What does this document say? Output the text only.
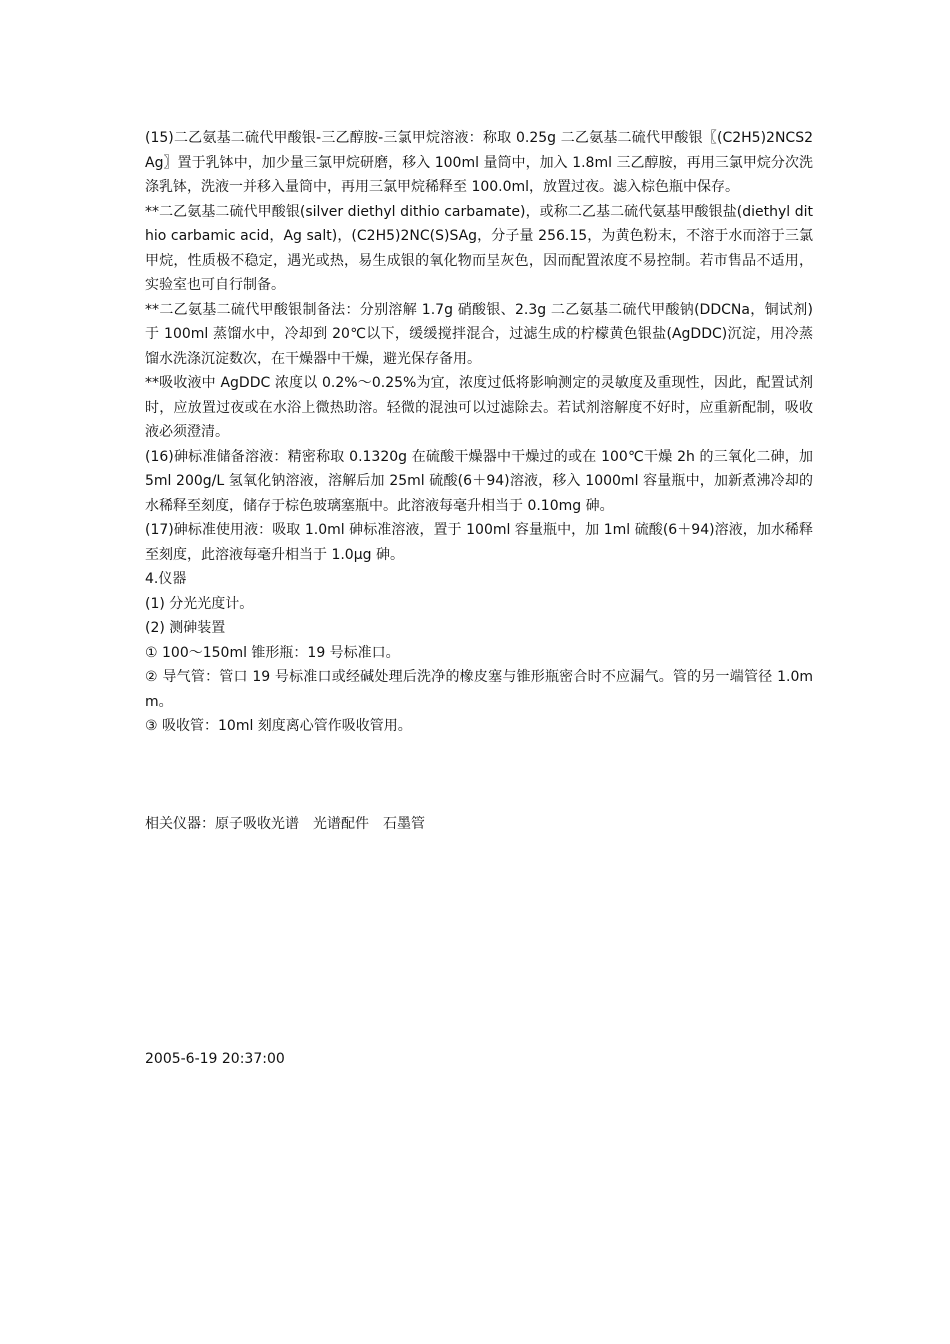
(15)二乙氨基二硫代甲酸银-三乙醇胺-三氯甲烷溶液：称取 0.25g 二乙氨基二硫代甲酸银〖(C2H5)2NCS2Ag〗置于乳钵中，加少量三氯甲烷研磨，移入 100ml 量筒中，加入 1.8ml 三乙醇胺，再用三氯甲烷分次洗涤乳钵，洗液一并移入量筒中，再用三氯甲烷稀释至 100.0ml，放置过夜。滤入棕色瓶中保存。

**二乙氨基二硫代甲酸银(silver diethyl dithio carbamate)，或称二乙基二硫代氨基甲酸银盐(diethyl dithio carbamic acid，Ag salt)，(C2H5)2NC(S)SAg，分子量 256.15，为黄色粉末，不溶于水而溶于三氯甲烷，性质极不稳定，遇光或热，易生成银的氧化物而呈灰色，因而配置浓度不易控制。若市售品不适用，实验室也可自行制备。

**二乙氨基二硫代甲酸银制备法：分别溶解 1.7g 硝酸银、2.3g 二乙氨基二硫代甲酸钠(DDCNa，铜试剂)于 100ml 蒸馏水中，冷却到 20℃以下，缓缓搅拌混合，过滤生成的柠檬黄色银盐(AgDDC)沉淀，用冷蒸馏水洗涤沉淀数次，在干燥器中干燥，避光保存备用。

**吸收液中 AgDDC 浓度以 0.2%～0.25%为宜，浓度过低将影响测定的灵敏度及重现性，因此，配置试剂时，应放置过夜或在水浴上微热助溶。轻微的混浊可以过滤除去。若试剂溶解度不好时，应重新配制，吸收液必须澄清。

(16)砷标准储备溶液：精密称取 0.1320g 在硫酸干燥器中干燥过的或在 100℃干燥 2h 的三氧化二砷，加 5ml 200g/L 氢氧化钠溶液，溶解后加 25ml 硫酸(6＋94)溶液，移入 1000ml 容量瓶中，加新煮沸冷却的水稀释至刻度，储存于棕色玻璃塞瓶中。此溶液每毫升相当于 0.10mg 砷。

(17)砷标准使用液：吸取 1.0ml 砷标准溶液，置于 100ml 容量瓶中，加 1ml 硫酸(6＋94)溶液，加水稀释至刻度，此溶液每毫升相当于 1.0μg 砷。

4.仪器

(1) 分光光度计。

(2) 测砷装置

① 100～150ml 锥形瓶：19 号标准口。

② 导气管：管口 19 号标准口或经碱处理后洗净的橡皮塞与锥形瓶密合时不应漏气。管的另一端管径 1.0mm。

③ 吸收管：10ml 刻度离心管作吸收管用。

相关仪器：原子吸收光谱 光谱配件 石墨管

2005-6-19 20:37:00
